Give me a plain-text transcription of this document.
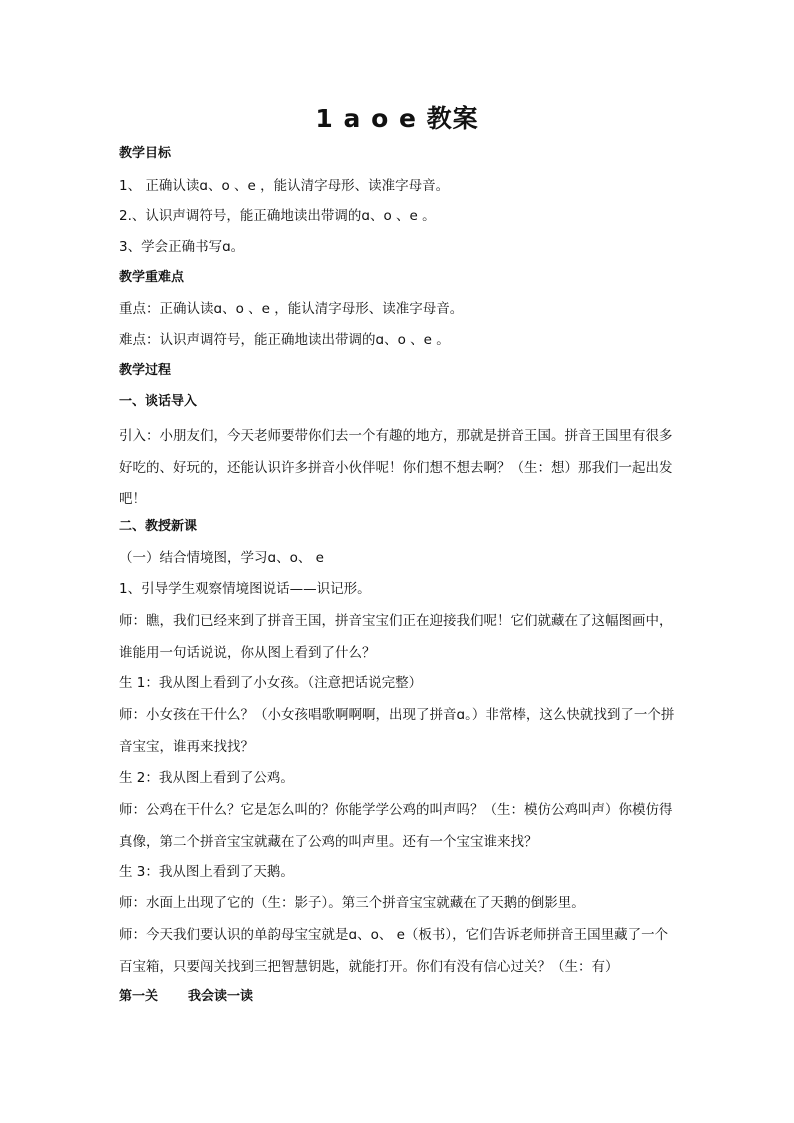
1 a o e 教案
教学目标
1、 正确认读ɑ、o 、e ，能认清字母形、读准字母音。
2.、认识声调符号，能正确地读出带调的ɑ、o 、e 。
3、学会正确书写ɑ。
教学重难点
重点：正确认读ɑ、o 、e ，能认清字母形、读准字母音。
难点：认识声调符号，能正确地读出带调的ɑ、o 、e 。
教学过程
一、谈话导入
引入：小朋友们，今天老师要带你们去一个有趣的地方，那就是拼音王国。拼音王国里有很多好吃的、好玩的，还能认识许多拼音小伙伴呢！你们想不想去啊？（生：想）那我们一起出发吧！
二、教授新课
（一）结合情境图，学习ɑ、o、 e
1、引导学生观察情境图说话——识记形。
师：瞧，我们已经来到了拼音王国，拼音宝宝们正在迎接我们呢！它们就藏在了这幅图画中，谁能用一句话说说，你从图上看到了什么？
生 1：我从图上看到了小女孩。（注意把话说完整）
师：小女孩在干什么？（小女孩唱歌啊啊啊，出现了拼音ɑ。）非常棒，这么快就找到了一个拼音宝宝，谁再来找找？
生 2：我从图上看到了公鸡。
师：公鸡在干什么？它是怎么叫的？你能学学公鸡的叫声吗？（生：模仿公鸡叫声）你模仿得真像，第二个拼音宝宝就藏在了公鸡的叫声里。还有一个宝宝谁来找？
生 3：我从图上看到了天鹅。
师：水面上出现了它的（生：影子）。第三个拼音宝宝就藏在了天鹅的倒影里。
师：今天我们要认识的单韵母宝宝就是ɑ、o、 e（板书），它们告诉老师拼音王国里藏了一个百宝箱，只要闯关找到三把智慧钥匙，就能打开。你们有没有信心过关？（生：有）
第一关 我会读一读
